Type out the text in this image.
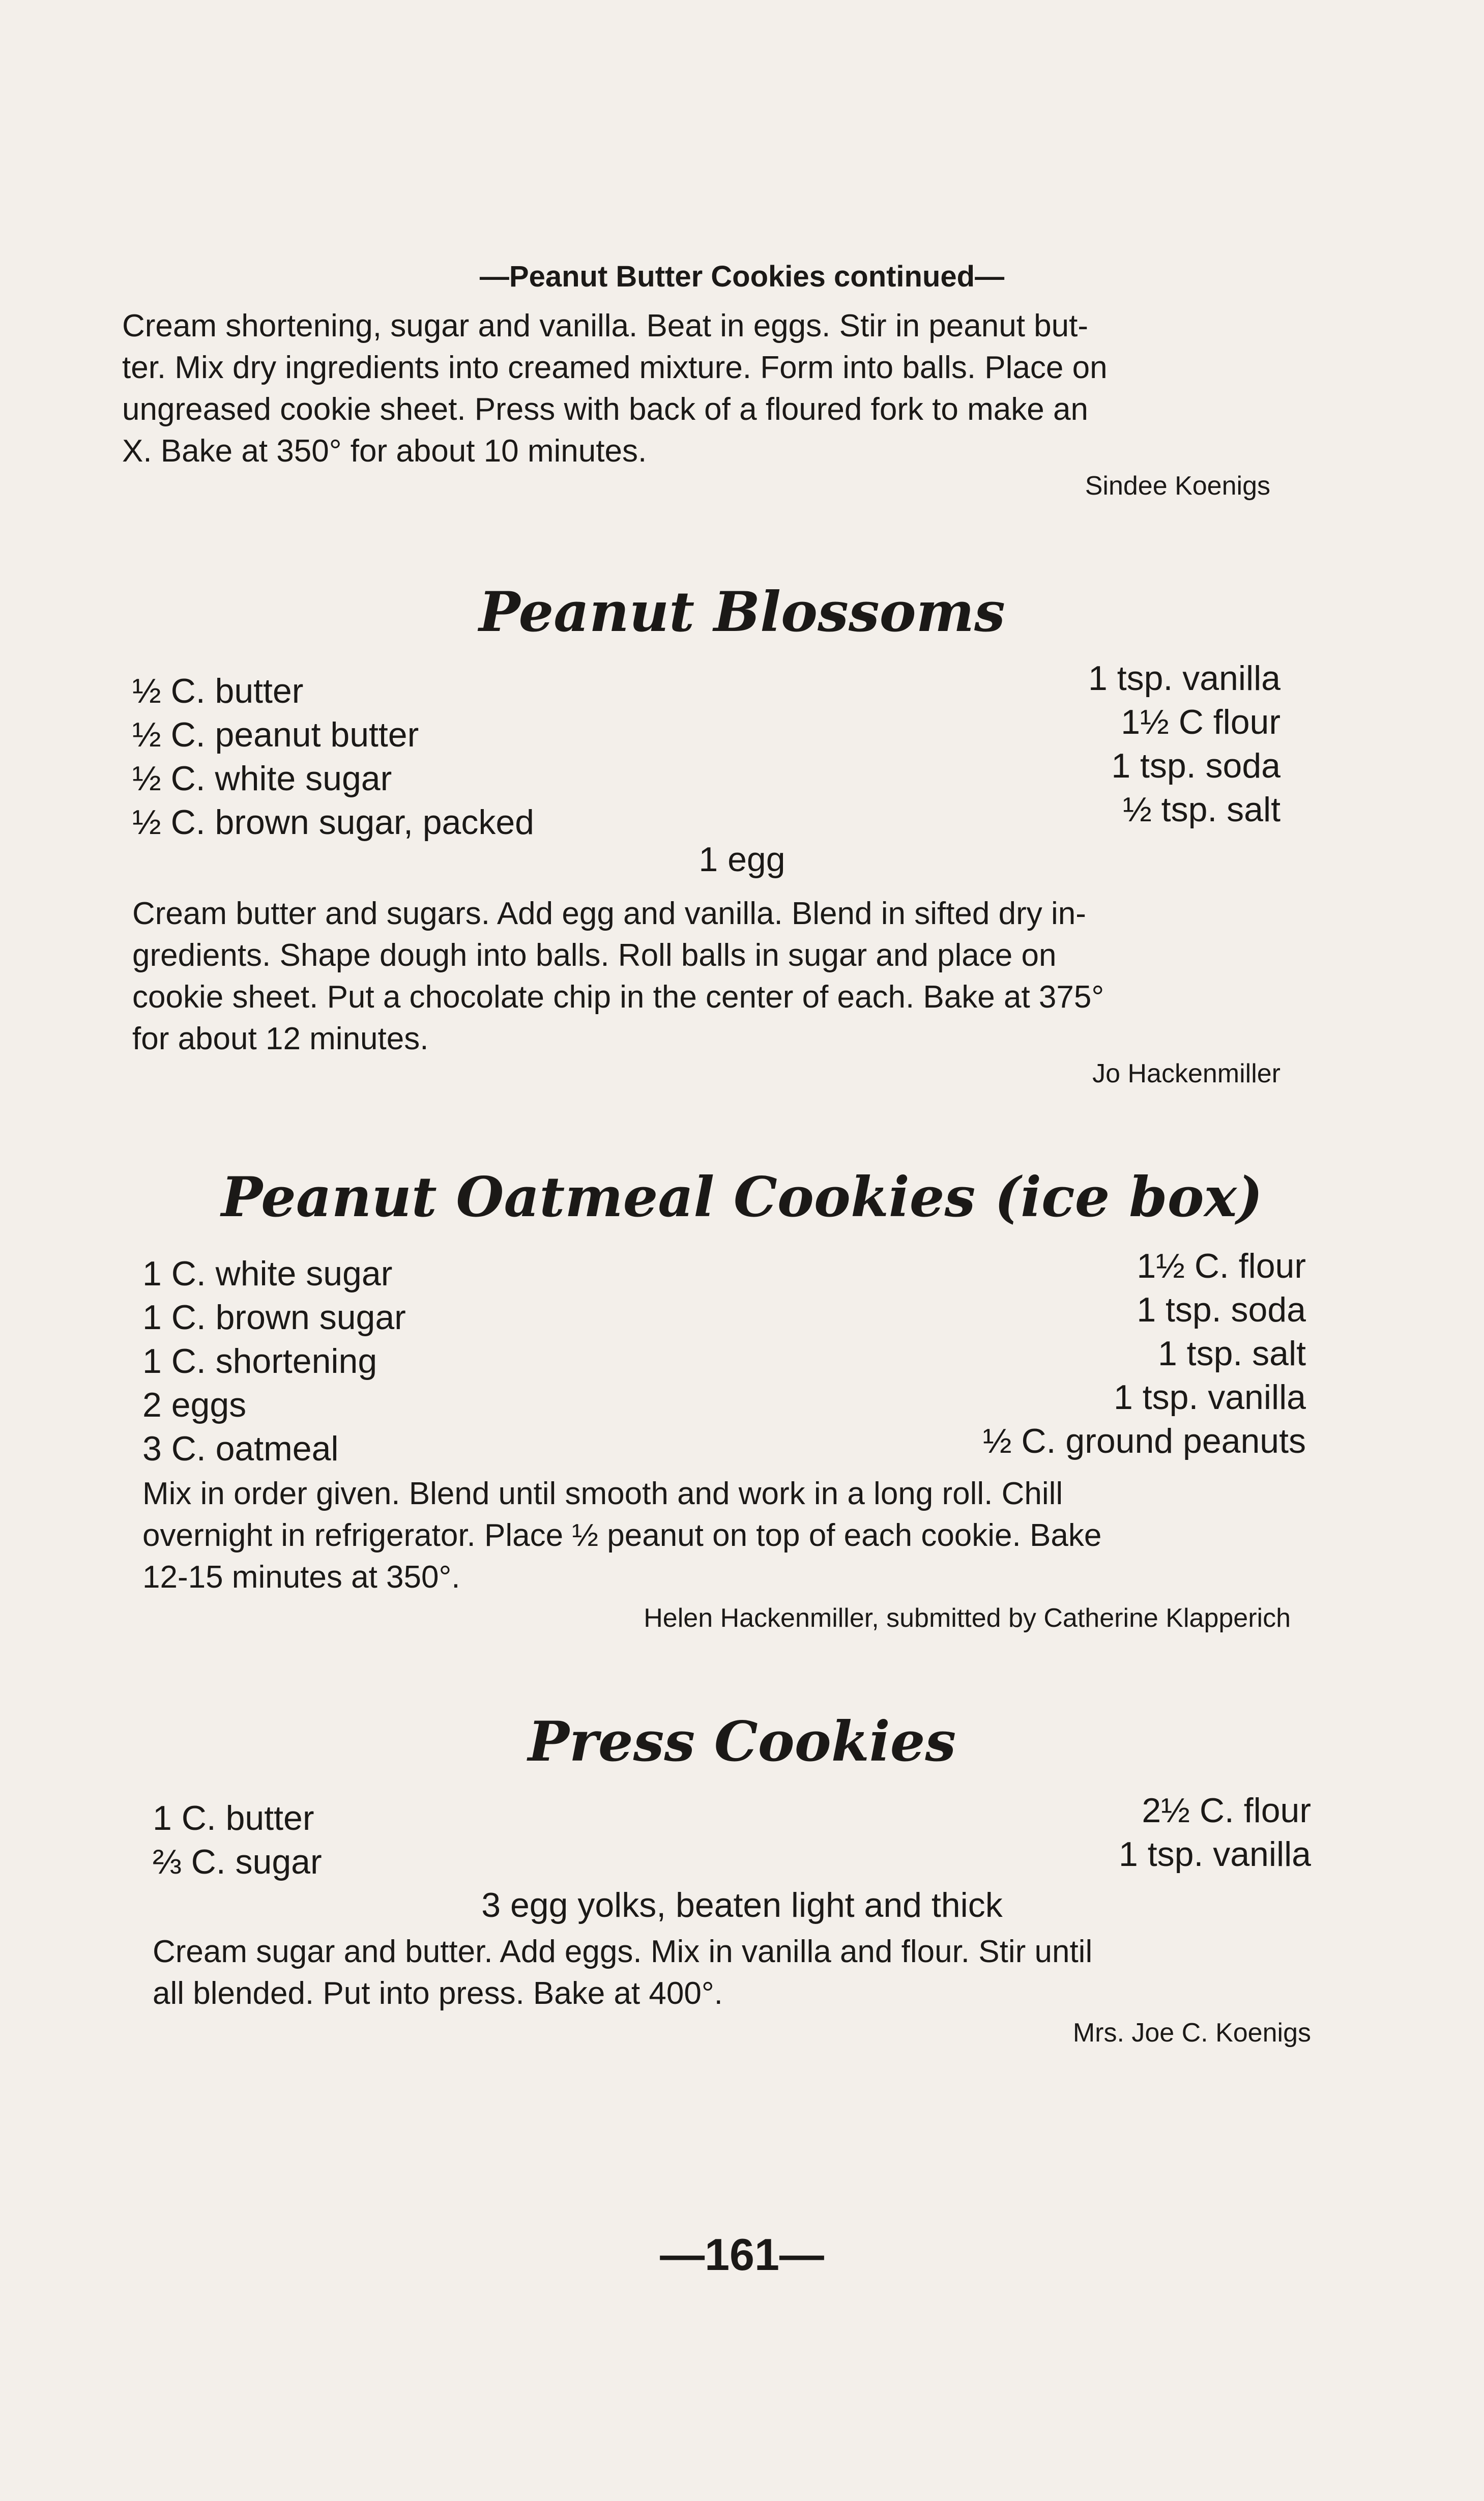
—Peanut Butter Cookies continued—
Cream shortening, sugar and vanilla. Beat in eggs. Stir in peanut but-
ter. Mix dry ingredients into creamed mixture. Form into balls. Place on
ungreased cookie sheet. Press with back of a floured fork to make an
X. Bake at 350° for about 10 minutes.
Sindee Koenigs
Peanut Blossoms
½ C. butter
½ C. peanut butter
½ C. white sugar
½ C. brown sugar, packed
1 tsp. vanilla
1½ C flour
1 tsp. soda
½ tsp. salt
1 egg
Cream butter and sugars. Add egg and vanilla. Blend in sifted dry in-
gredients. Shape dough into balls. Roll balls in sugar and place on
cookie sheet. Put a chocolate chip in the center of each. Bake at 375°
for about 12 minutes.
Jo Hackenmiller
Peanut Oatmeal Cookies (ice box)
1 C. white sugar
1 C. brown sugar
1 C. shortening
2 eggs
3 C. oatmeal
1½ C. flour
1 tsp. soda
1 tsp. salt
1 tsp. vanilla
½ C. ground peanuts
Mix in order given. Blend until smooth and work in a long roll. Chill
overnight in refrigerator. Place ½ peanut on top of each cookie. Bake
12-15 minutes at 350°.
Helen Hackenmiller, submitted by Catherine Klapperich
Press Cookies
1 C. butter
⅔ C. sugar
2½ C. flour
1 tsp. vanilla
3 egg yolks, beaten light and thick
Cream sugar and butter. Add eggs. Mix in vanilla and flour. Stir until
all blended. Put into press. Bake at 400°.
Mrs. Joe C. Koenigs
—161—
